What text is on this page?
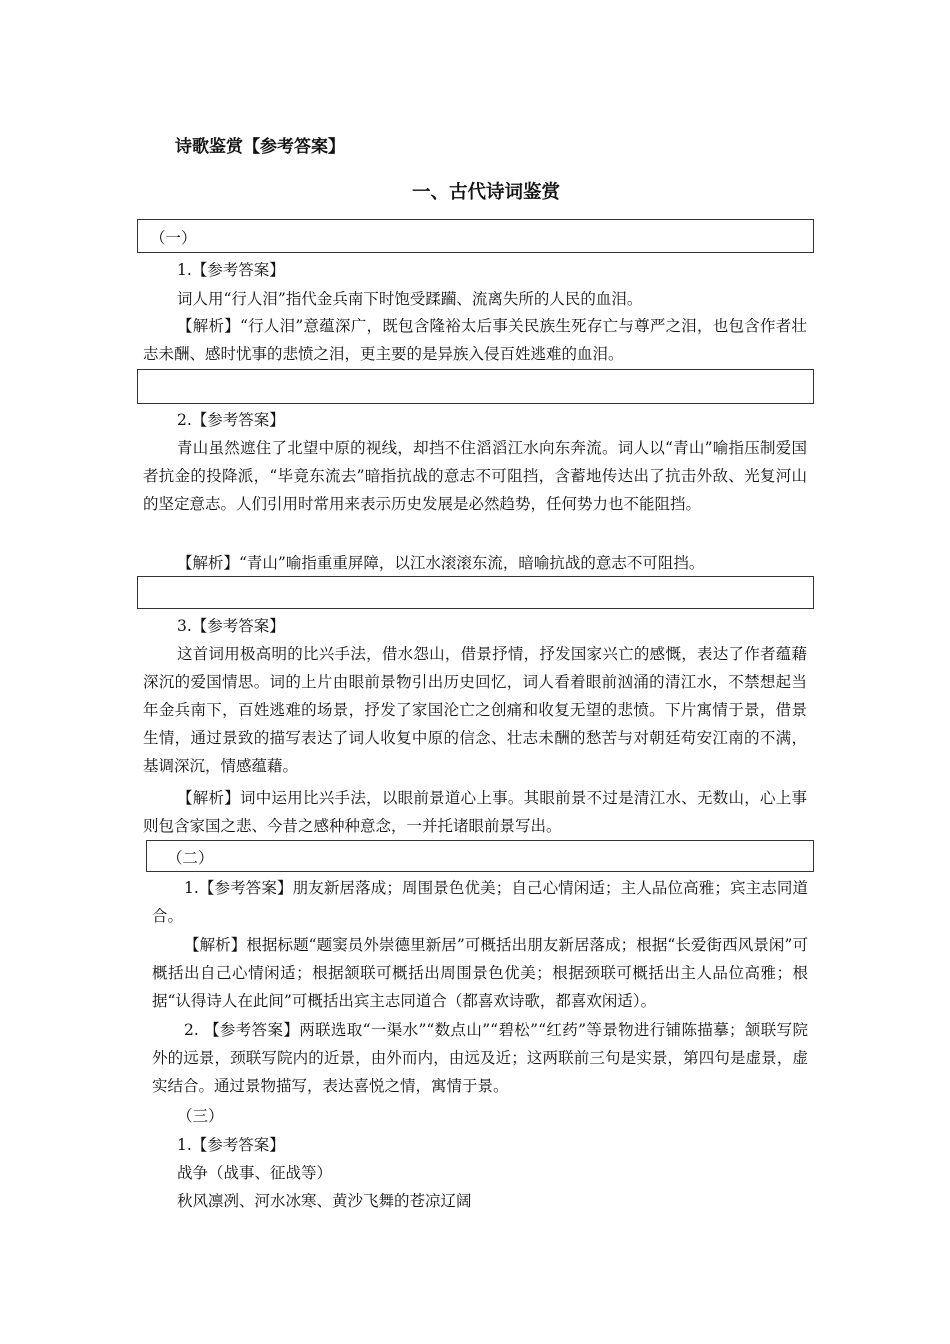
诗歌鉴赏【参考答案】
一、古代诗词鉴赏
（一）
1.【参考答案】
词人用“行人泪”指代金兵南下时饱受蹂躏、流离失所的人民的血泪。
【解析】“行人泪”意蕴深广，既包含隆裕太后事关民族生死存亡与尊严之泪，也包含作者壮志未酬、感时忧事的悲愤之泪，更主要的是异族入侵百姓逃难的血泪。
2.【参考答案】
青山虽然遮住了北望中原的视线，却挡不住滔滔江水向东奔流。词人以“青山”喻指压制爱国者抗金的投降派，“毕竟东流去”暗指抗战的意志不可阻挡，含蓄地传达出了抗击外敌、光复河山的坚定意志。人们引用时常用来表示历史发展是必然趋势，任何势力也不能阻挡。
【解析】“青山”喻指重重屏障，以江水滚滚东流，暗喻抗战的意志不可阻挡。
3.【参考答案】
这首词用极高明的比兴手法，借水怨山，借景抒情，抒发国家兴亡的感慨，表达了作者蕴藉深沉的爱国情思。词的上片由眼前景物引出历史回忆，词人看着眼前汹涌的清江水，不禁想起当年金兵南下，百姓逃难的场景，抒发了家国沦亡之创痛和收复无望的悲愤。下片寓情于景，借景生情，通过景致的描写表达了词人收复中原的信念、壮志未酬的愁苦与对朝廷苟安江南的不满，基调深沉，情感蕴藉。
【解析】词中运用比兴手法，以眼前景道心上事。其眼前景不过是清江水、无数山，心上事则包含家国之悲、今昔之感种种意念，一并托诸眼前景写出。
（二）
1.【参考答案】朋友新居落成；周围景色优美；自己心情闲适；主人品位高雅；宾主志同道合。
【解析】根据标题“题窦员外崇德里新居”可概括出朋友新居落成；根据“长爱街西风景闲”可概括出自己心情闲适；根据颔联可概括出周围景色优美；根据颈联可概括出主人品位高雅；根据“认得诗人在此间”可概括出宾主志同道合（都喜欢诗歌，都喜欢闲适）。
2. 【参考答案】两联选取“一渠水”“数点山”“碧松”“红药”等景物进行铺陈描摹；颔联写院外的远景，颈联写院内的近景，由外而内，由远及近；这两联前三句是实景，第四句是虚景，虚实结合。通过景物描写，表达喜悦之情，寓情于景。
（三）
1.【参考答案】
战争（战事、征战等）
秋风凛冽、河水冰寒、黄沙飞舞的苍凉辽阔
